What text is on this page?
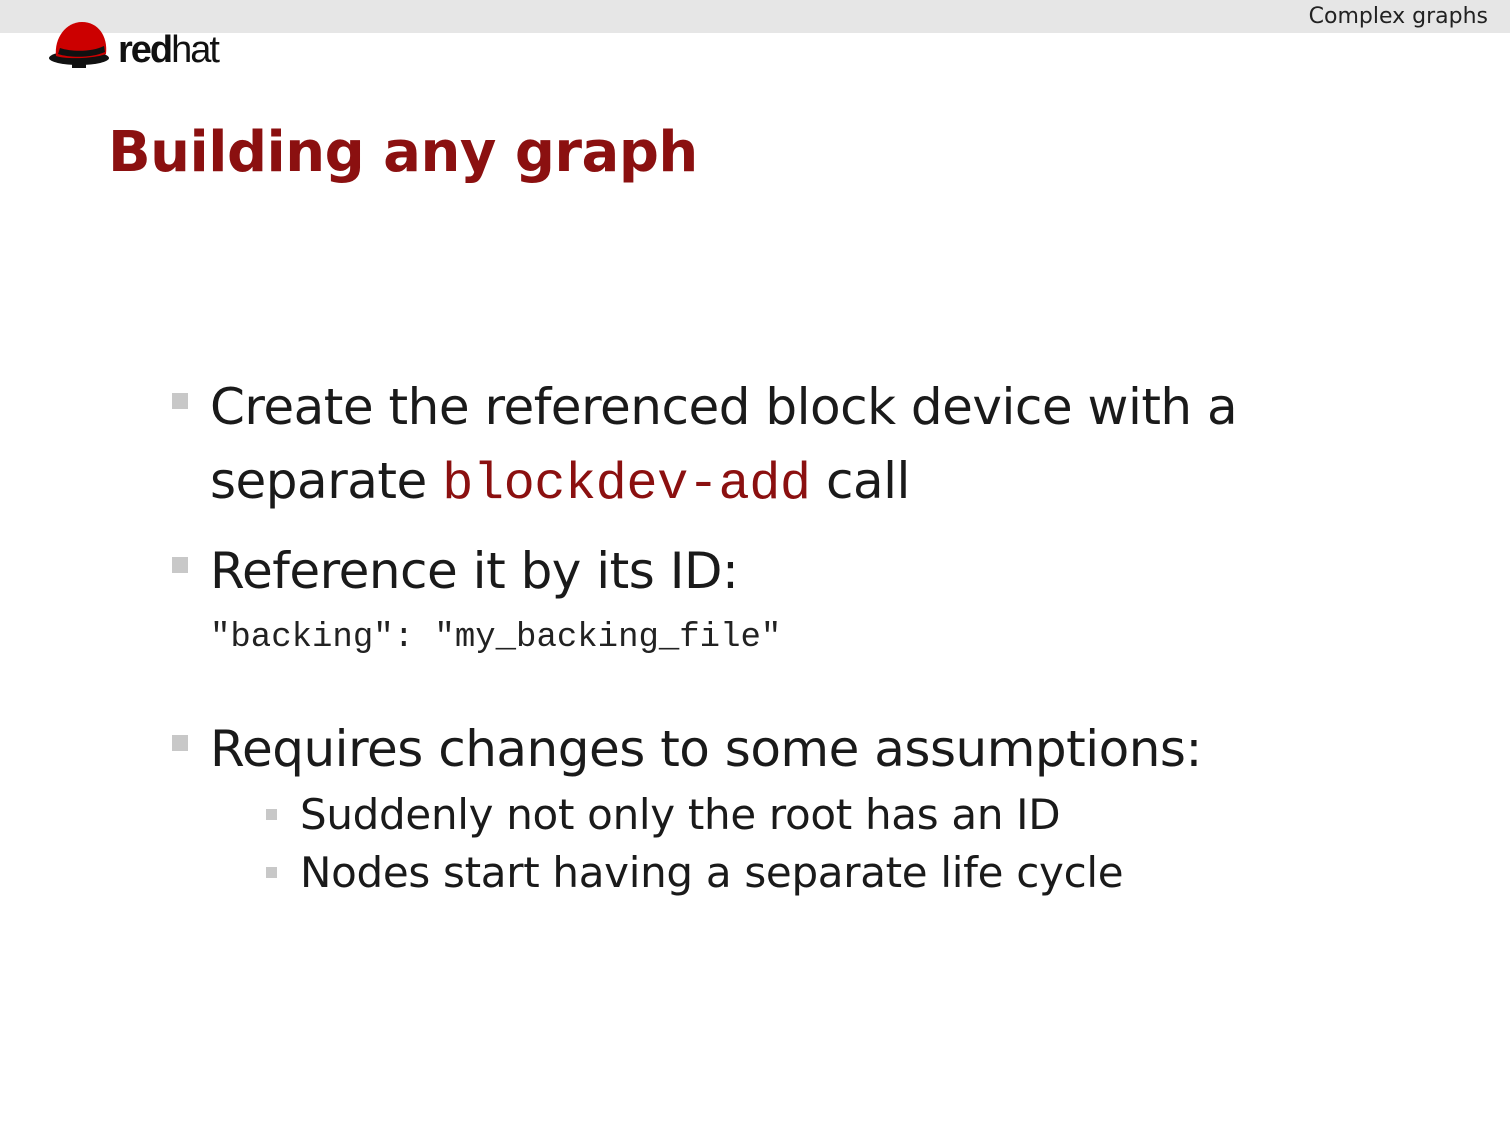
Complex graphs
redhat
Building any graph
Create the referenced block device with a separate blockdev-add call
Reference it by its ID:
"backing": "my_backing_file"
Requires changes to some assumptions:
Suddenly not only the root has an ID
Nodes start having a separate life cycle
